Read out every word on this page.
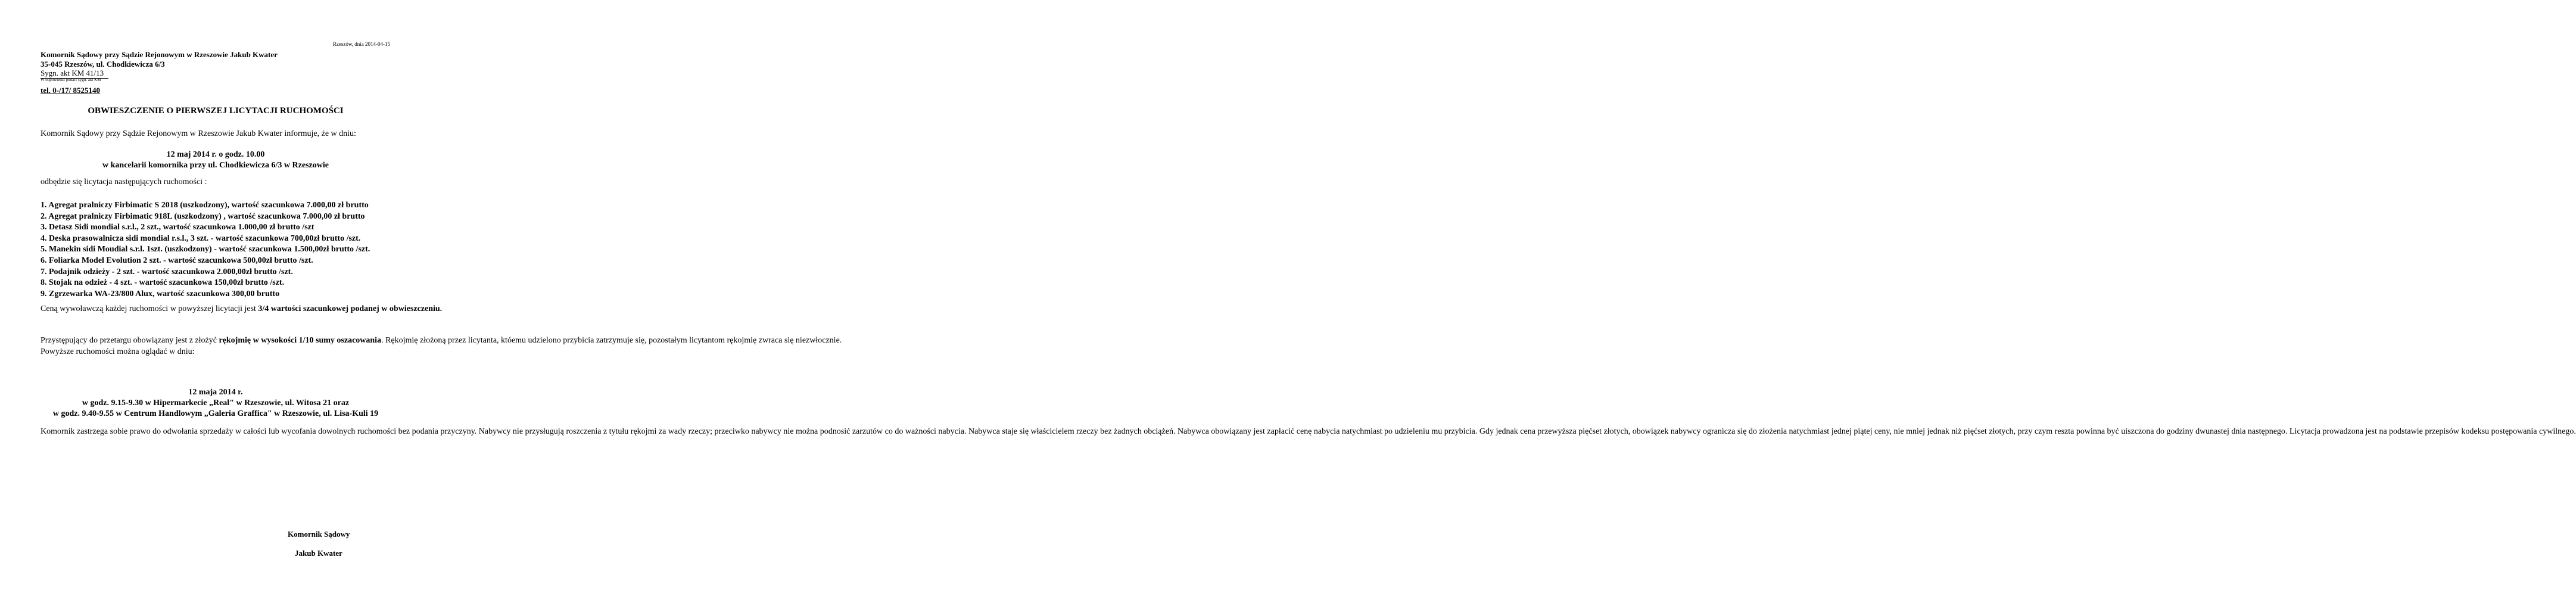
Rzeszów, dnia 2014-04-15
Komornik Sądowy przy Sądzie Rejonowym w Rzeszowie Jakub Kwater
35-045 Rzeszów, ul. Chodkiewicza 6/3
Sygn. akt KM 41/13
W odpowiedzi podać: sygn. akt KM
tel. 0-/17/ 8525140
OBWIESZCZENIE O PIERWSZEJ LICYTACJI RUCHOMOŚCI
Komornik Sądowy przy Sądzie Rejonowym w Rzeszowie Jakub Kwater informuje, że w dniu:
12 maj 2014 r. o godz. 10.00
w kancelarii komornika przy ul. Chodkiewicza 6/3 w Rzeszowie
odbędzie się licytacja następujących ruchomości :
1. Agregat pralniczy Firbimatic S 2018 (uszkodzony), wartość szacunkowa 7.000,00 zł brutto
2. Agregat pralniczy Firbimatic 918L (uszkodzony) , wartość szacunkowa 7.000,00 zł brutto
3. Detasz Sidi mondial s.r.l., 2 szt., wartość szacunkowa 1.000,00 zł brutto /szt
4. Deska prasowalnicza sidi mondial r.s.l., 3 szt. - wartość szacunkowa 700,00zł brutto /szt.
5. Manekin sidi Moudial s.r.l. 1szt. (uszkodzony) - wartość szacunkowa 1.500,00zł brutto /szt.
6. Foliarka Model Evolution 2 szt. - wartość szacunkowa 500,00zł brutto /szt.
7. Podajnik odzieży - 2 szt. - wartość szacunkowa 2.000,00zł brutto /szt.
8. Stojak na odzież - 4 szt. - wartość szacunkowa 150,00zł brutto /szt.
9. Zgrzewarka WA-23/800 Alux, wartość szacunkowa 300,00 brutto
Ceną wywoławczą każdej ruchomości w powyższej licytacji jest 3/4 wartości szacunkowej podanej w obwieszczeniu.
Przystępujący do przetargu obowiązany jest z złożyć rękojmię w wysokości 1/10 sumy oszacowania. Rękojmię złożoną przez licytanta, któemu udzielono przybicia zatrzymuje się, pozostałym licytantom rękojmię zwraca się niezwłocznie.
Powyższe ruchomości można oglądać w dniu:
12 maja 2014 r.
w godz. 9.15-9.30 w Hipermarkecie „Real" w Rzeszowie, ul. Witosa 21 oraz
w godz. 9.40-9.55 w Centrum Handlowym „Galeria Graffica" w Rzeszowie, ul. Lisa-Kuli 19
Komornik zastrzega sobie prawo do odwołania sprzedaży w całości lub wycofania dowolnych ruchomości bez podania przyczyny. Nabywcy nie przysługują roszczenia z tytułu rękojmi za wady rzeczy; przeciwko nabywcy nie można podnosić zarzutów co do ważności nabycia. Nabywca staje się właścicielem rzeczy bez żadnych obciążeń. Nabywca obowiązany jest zapłacić cenę nabycia natychmiast po udzieleniu mu przybicia. Gdy jednak cena przewyższa pięćset złotych, obowiązek nabywcy ogranicza się do złożenia natychmiast jednej piątej ceny, nie mniej jednak niż pięćset złotych, przy czym reszta powinna być uiszczona do godziny dwunastej dnia następnego. Licytacja prowadzona jest na podstawie przepisów kodeksu postępowania cywilnego.
Komornik Sądowy
Jakub Kwater
